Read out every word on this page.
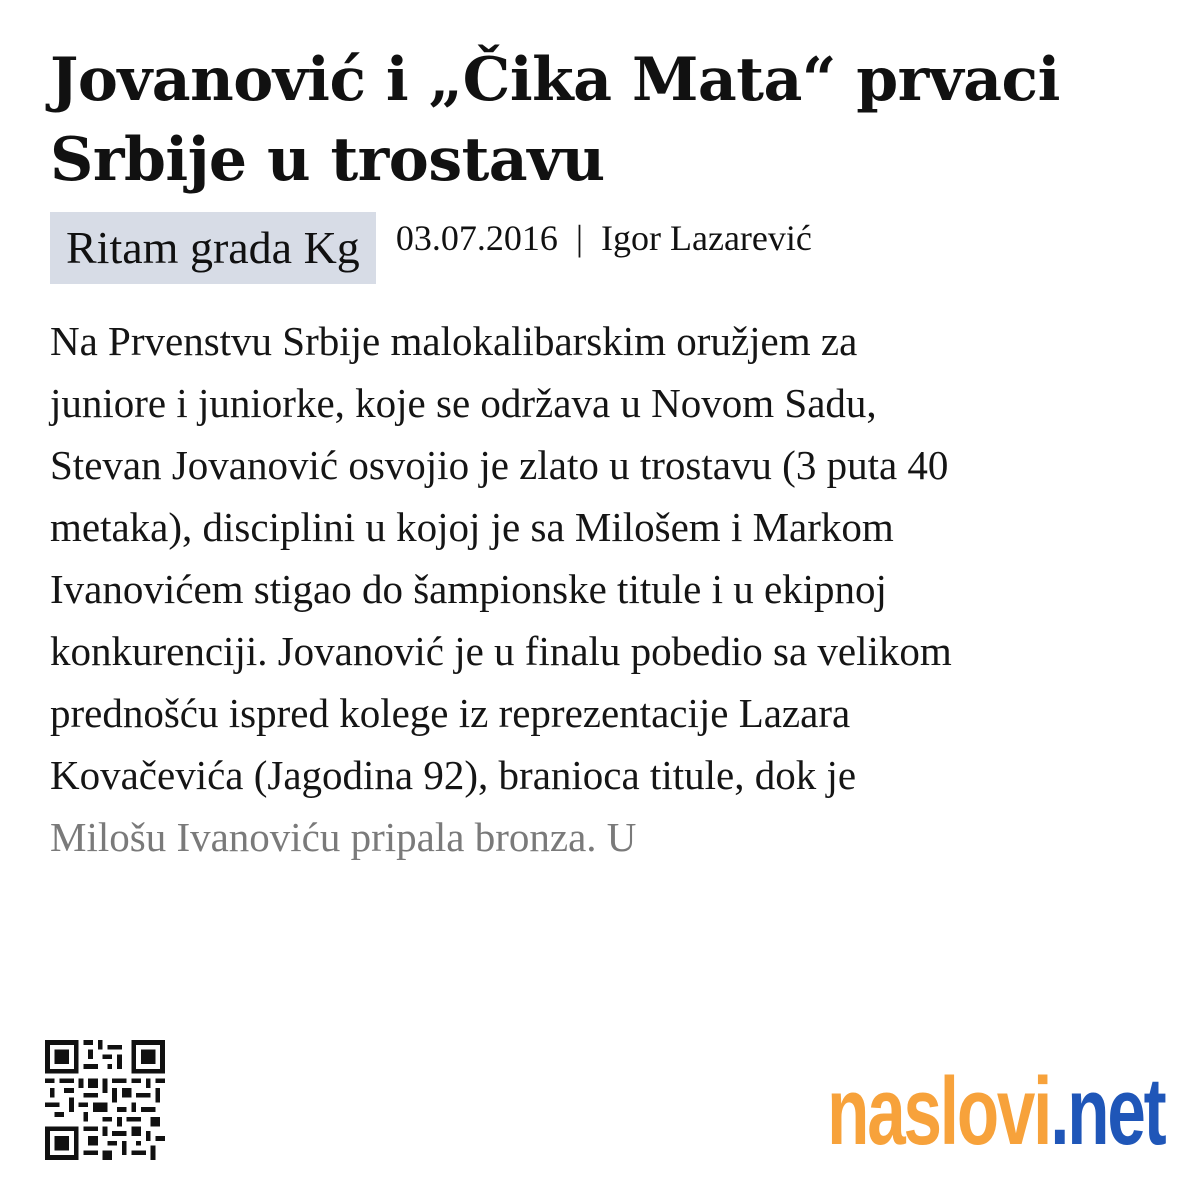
Jovanović i „Čika Mata“ prvaci
Srbije u trostavu
Ritam grada Kg	03.07.2016 | Igor Lazarević
Na Prvenstvu Srbije malokalibarskim oružjem za
juniore i juniorke, koje se održava u Novom Sadu,
Stevan Jovanović osvojio je zlato u trostavu (3 puta 40
metaka), disciplini u kojoj je sa Milošem i Markom
Ivanovićem stigao do šampionske titule i u ekipnoj
konkurenciji. Jovanović je u finalu pobedio sa velikom
prednošću ispred kolege iz reprezentacije Lazara
Kovačevića (Jagodina 92), branioca titule, dok je
Milošu Ivanoviću pripala bronza. U
naslovi.net
